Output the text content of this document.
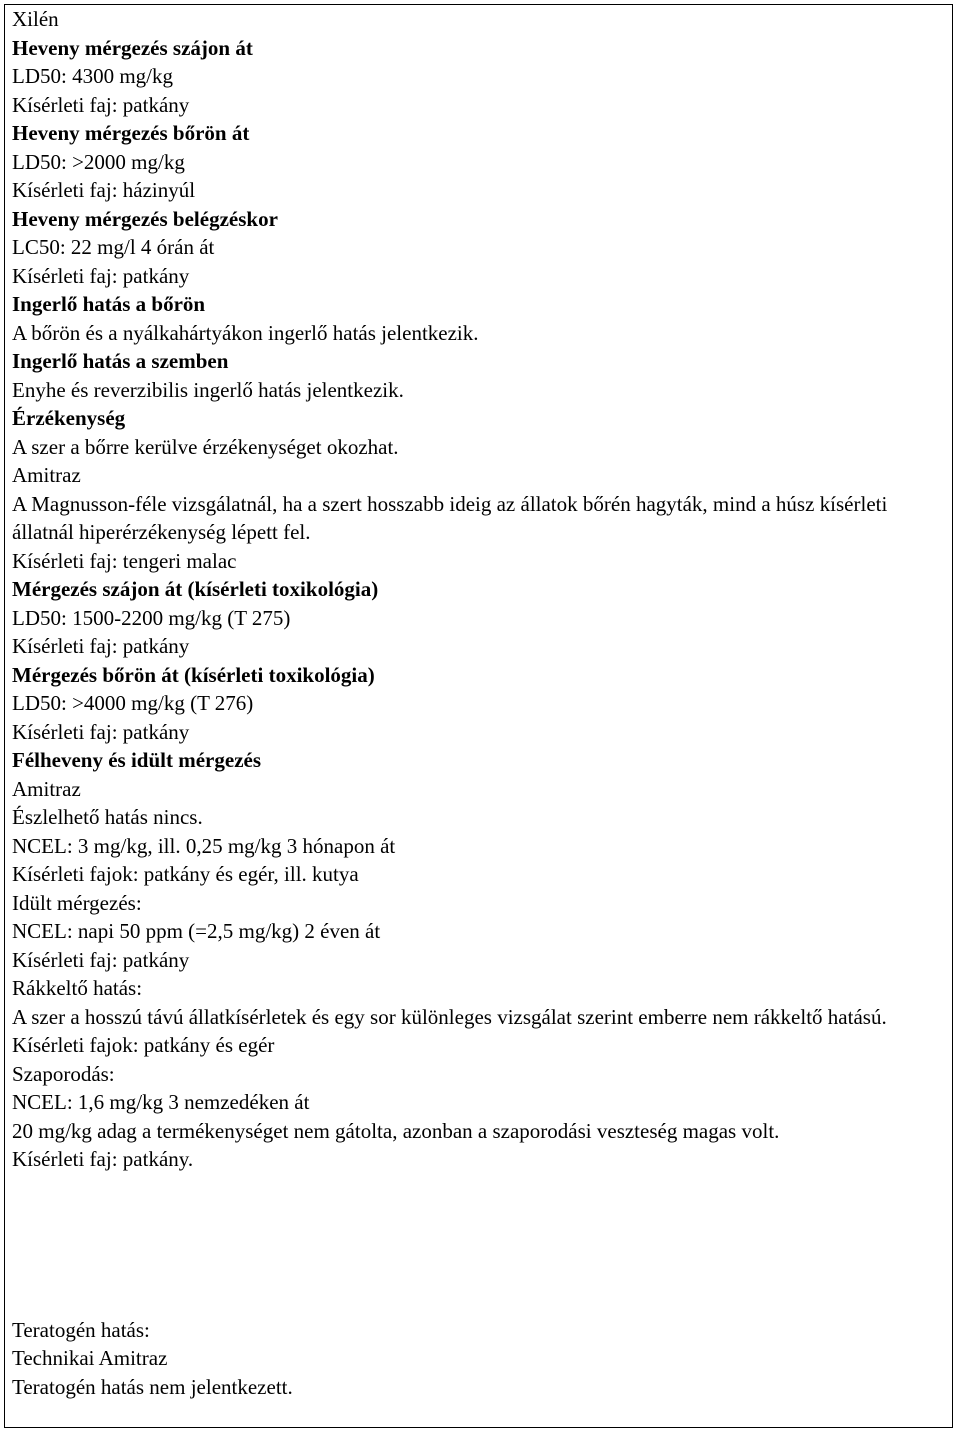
Xilén
Heveny mérgezés szájon át
LD50: 4300 mg/kg
Kísérleti faj: patkány
Heveny mérgezés bőrön át
LD50: >2000 mg/kg
Kísérleti faj: házinyúl
Heveny mérgezés belégzéskor
LC50: 22 mg/l 4 órán át
Kísérleti faj: patkány
Ingerlő hatás a bőrön
A bőrön és a nyálkahártyákon ingerlő hatás jelentkezik.
Ingerlő hatás a szemben
Enyhe és reverzibilis ingerlő hatás jelentkezik.
Érzékenység
A szer a bőrre kerülve érzékenységet okozhat.
Amitraz
A Magnusson-féle vizsgálatnál, ha a szert hosszabb ideig az állatok bőrén hagyták, mind a húsz kísérleti állatnál hiperérzékenység lépett fel.
Kísérleti faj: tengeri malac
Mérgezés szájon át (kísérleti toxikológia)
LD50: 1500-2200 mg/kg (T 275)
Kísérleti faj: patkány
Mérgezés bőrön át (kísérleti toxikológia)
LD50: >4000 mg/kg (T 276)
Kísérleti faj: patkány
Félheveny és idült mérgezés
Amitraz
Észlelhető hatás nincs.
NCEL: 3 mg/kg, ill. 0,25 mg/kg 3 hónapon át
Kísérleti fajok: patkány és egér, ill. kutya
Idült mérgezés:
NCEL: napi 50 ppm (=2,5 mg/kg) 2 éven át
Kísérleti faj: patkány
Rákkeltő hatás:
A szer a hosszú távú állatkísérletek és egy sor különleges vizsgálat szerint emberre nem rákkeltő hatású.
Kísérleti fajok: patkány és egér
Szaporodás:
NCEL: 1,6 mg/kg 3 nemzedéken át
20 mg/kg adag a termékenységet nem gátolta, azonban a szaporodási veszteség magas volt.
Kísérleti faj: patkány.
Teratogén hatás:
Technikai Amitraz
Teratogén hatás nem jelentkezett.
